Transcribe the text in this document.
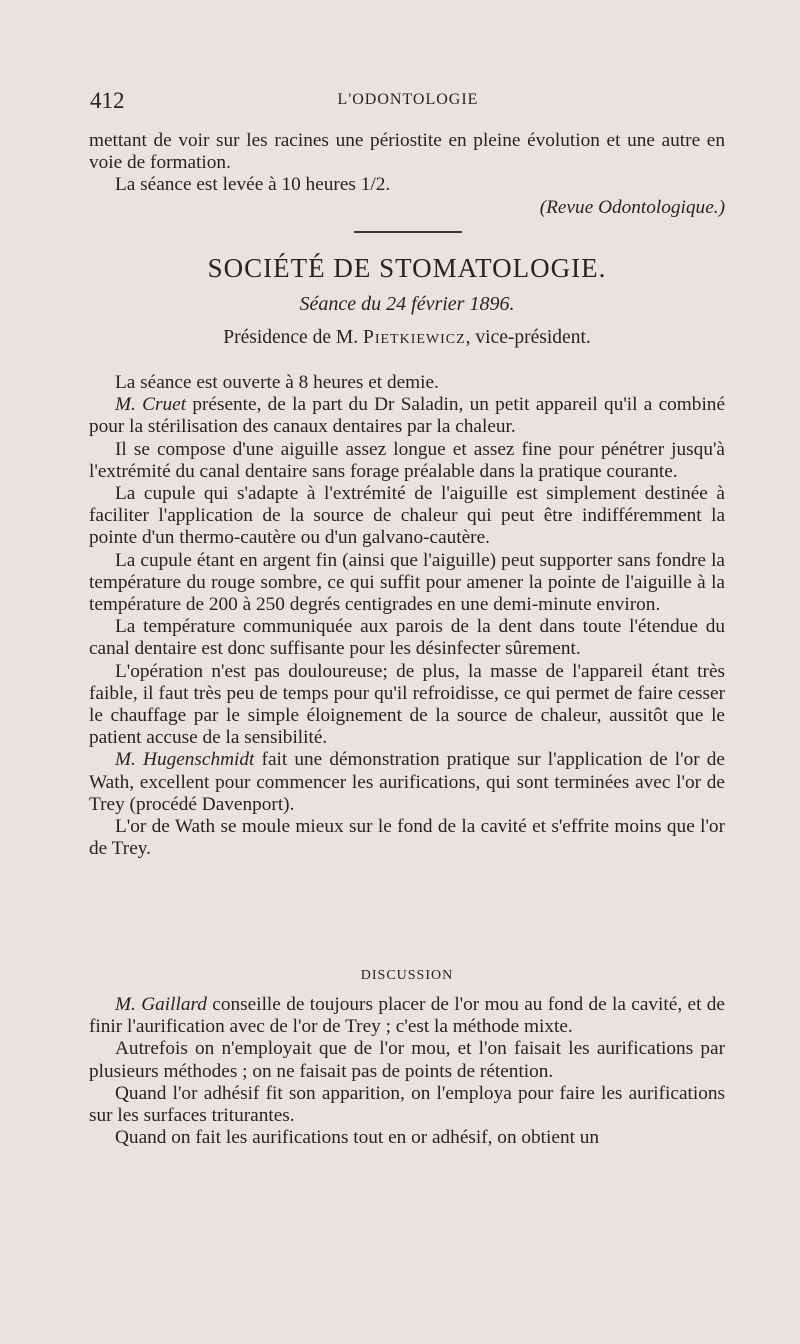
412	L'ODONTOLOGIE

mettant de voir sur les racines une périostite en pleine évolution et une autre en voie de formation.

La séance est levée à 10 heures 1/2.

(Revue Odontologique.)

SOCIÉTÉ DE STOMATOLOGIE.
Séance du 24 février 1896.
Présidence de M. Pietkiewicz, vice-président.

La séance est ouverte à 8 heures et demie.

M. Cruet présente, de la part du Dr Saladin, un petit appareil qu'il a combiné pour la stérilisation des canaux dentaires par la chaleur.

Il se compose d'une aiguille assez longue et assez fine pour pénétrer jusqu'à l'extrémité du canal dentaire sans forage préalable dans la pratique courante.

La cupule qui s'adapte à l'extrémité de l'aiguille est simplement destinée à faciliter l'application de la source de chaleur qui peut être indifféremment la pointe d'un thermo-cautère ou d'un galvano-cautère.

La cupule étant en argent fin (ainsi que l'aiguille) peut supporter sans fondre la température du rouge sombre, ce qui suffit pour amener la pointe de l'aiguille à la température de 200 à 250 degrés centigrades en une demi-minute environ.

La température communiquée aux parois de la dent dans toute l'étendue du canal dentaire est donc suffisante pour les désinfecter sûrement.

L'opération n'est pas douloureuse; de plus, la masse de l'appareil étant très faible, il faut très peu de temps pour qu'il refroidisse, ce qui permet de faire cesser le chauffage par le simple éloignement de la source de chaleur, aussitôt que le patient accuse de la sensibilité.

M. Hugenschmidt fait une démonstration pratique sur l'application de l'or de Wath, excellent pour commencer les aurifications, qui sont terminées avec l'or de Trey (procédé Davenport).

L'or de Wath se moule mieux sur le fond de la cavité et s'effrite moins que l'or de Trey.

DISCUSSION

M. Gaillard conseille de toujours placer de l'or mou au fond de la cavité, et de finir l'aurification avec de l'or de Trey ; c'est la méthode mixte.

Autrefois on n'employait que de l'or mou, et l'on faisait les aurifications par plusieurs méthodes ; on ne faisait pas de points de rétention.

Quand l'or adhésif fit son apparition, on l'employa pour faire les aurifications sur les surfaces triturantes.

Quand on fait les aurifications tout en or adhésif, on obtient un
